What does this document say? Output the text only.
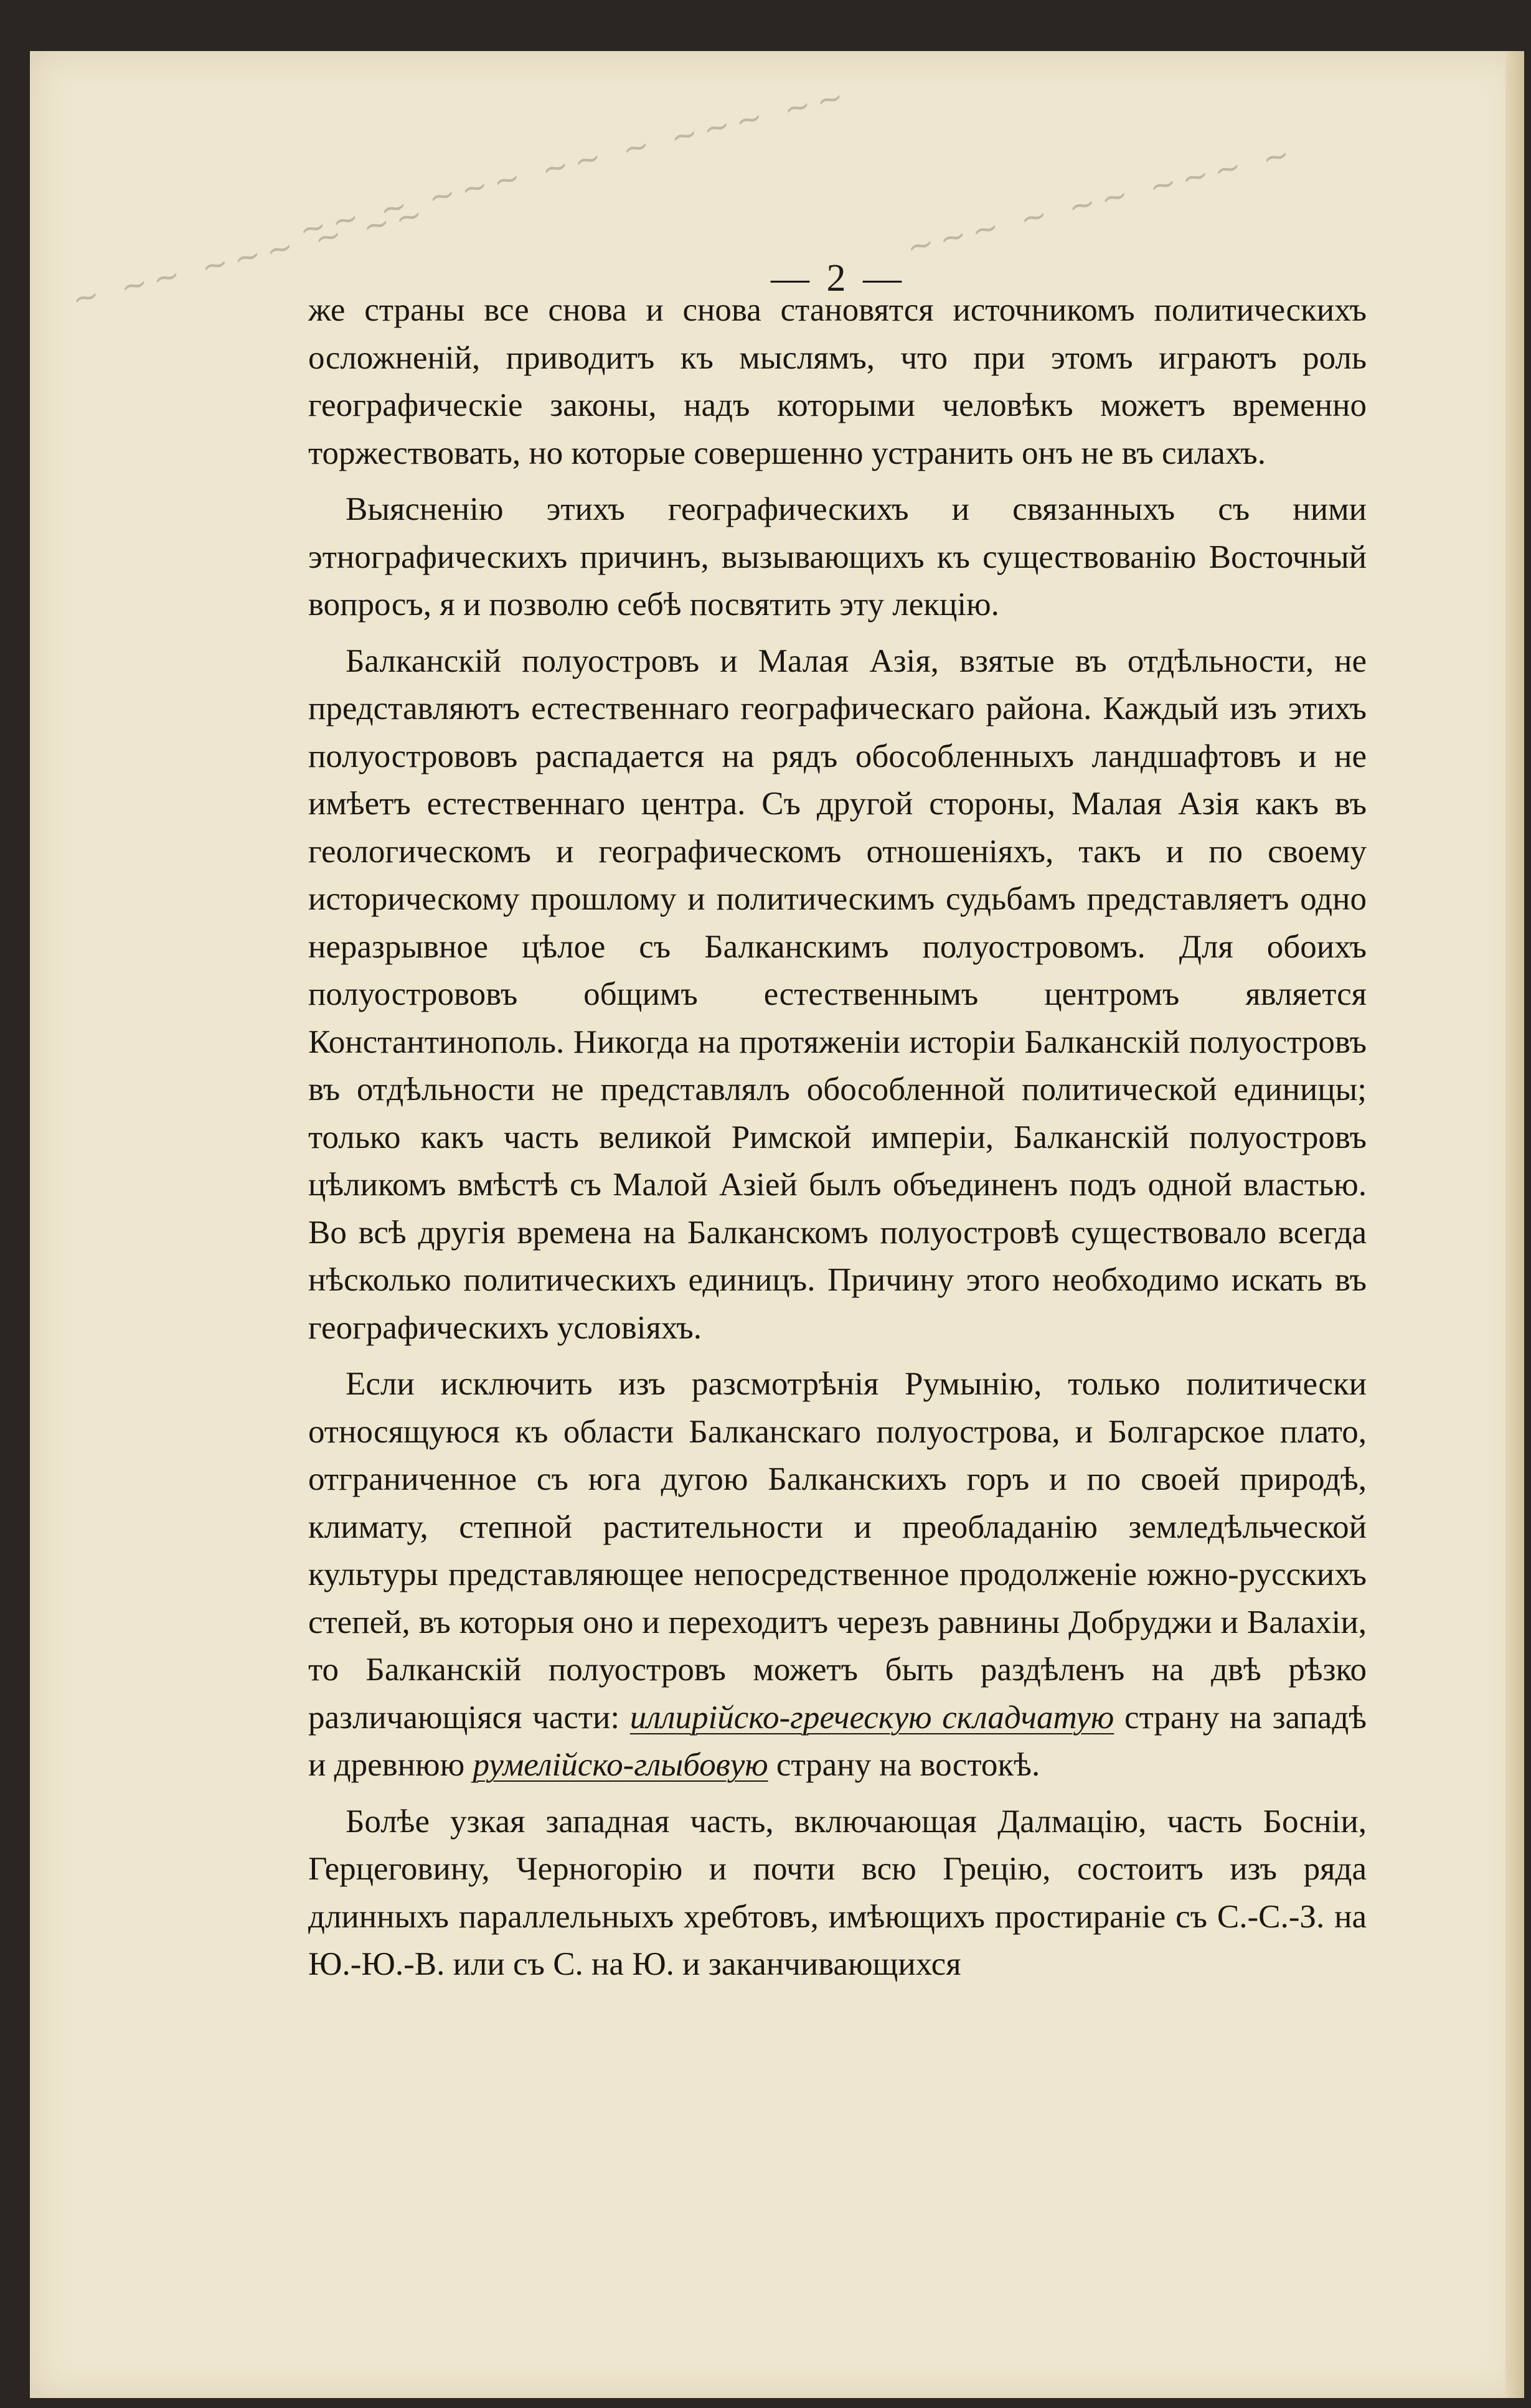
~~ ~ ~~~ ~~ ~ ~~~ ~~
~ ~~ ~~~ ~ ~~	~~~ ~ ~~ ~~~ ~
— 2 —

же страны все снова и снова становятся источникомъ политическихъ осложненій, приводитъ къ мыслямъ, что при этомъ играютъ роль географическіе законы, надъ которыми человѣкъ можетъ временно торжествовать, но которые совершенно устранить онъ не въ силахъ.

Выясненію этихъ географическихъ и связанныхъ съ ними этнографическихъ причинъ, вызывающихъ къ существованію Восточный вопросъ, я и позволю себѣ посвятить эту лекцію.

Балканскій полуостровъ и Малая Азія, взятые въ отдѣльности, не представляютъ естественнаго географическаго района. Каждый изъ этихъ полуострововъ распадается на рядъ обособленныхъ ландшафтовъ и не имѣетъ естественнаго центра. Съ другой стороны, Малая Азія какъ въ геологическомъ и географическомъ отношеніяхъ, такъ и по своему историческому прошлому и политическимъ судьбамъ представляетъ одно неразрывное цѣлое съ Балканскимъ полуостровомъ. Для обоихъ полуострововъ общимъ естественнымъ центромъ является Константинополь. Никогда на протяженіи исторіи Балканскій полуостровъ въ отдѣльности не представлялъ обособленной политической единицы; только какъ часть великой Римской имперіи, Балканскій полуостровъ цѣликомъ вмѣстѣ съ Малой Азіей былъ объединенъ подъ одной властью. Во всѣ другія времена на Балканскомъ полуостровѣ существовало всегда нѣсколько политическихъ единицъ. Причину этого необходимо искать въ географическихъ условіяхъ.

Если исключить изъ разсмотрѣнія Румынію, только политически относящуюся къ области Балканскаго полуострова, и Болгарское плато, отграниченное съ юга дугою Балканскихъ горъ и по своей природѣ, климату, степной растительности и преобладанію земледѣльческой культуры представляющее непосредственное продолженіе южно-русскихъ степей, въ которыя оно и переходитъ черезъ равнины Добруджи и Валахіи, то Балканскій полуостровъ можетъ быть раздѣленъ на двѣ рѣзко различающіяся части: иллирійско-греческую складчатую страну на западѣ и древнюю румелійско-глыбовую страну на востокѣ.

Болѣе узкая западная часть, включающая Далмацію, часть Босніи, Герцеговину, Черногорію и почти всю Грецію, состоитъ изъ ряда длинныхъ параллельныхъ хребтовъ, имѣющихъ простираніе съ С.-С.-З. на Ю.-Ю.-В. или съ С. на Ю. и заканчивающихся
